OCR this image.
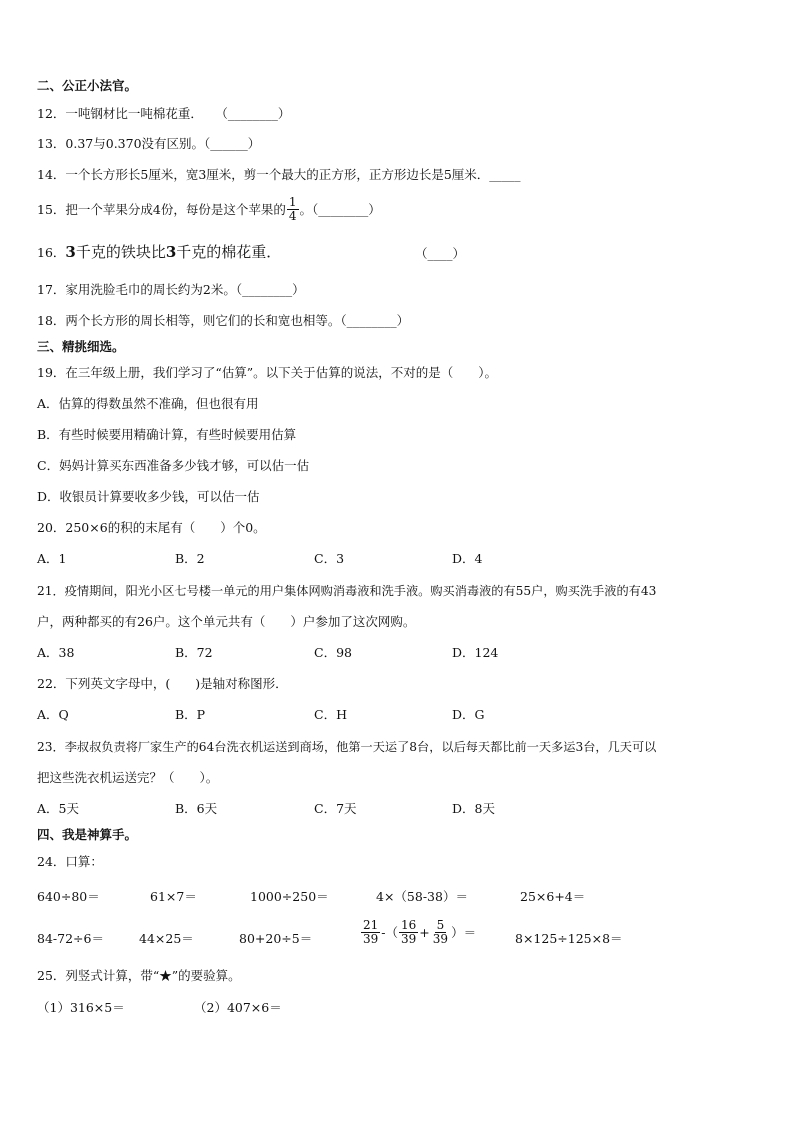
二、公正小法官。
12．一吨钢材比一吨棉花重．　　（________）
13．0.37与0.370没有区别。（______）
14．一个长方形长5厘米，宽3厘米，剪一个最大的正方形，正方形边长是5厘米．_____
15．把一个苹果分成4份，每份是这个苹果的 $\frac{1}{4}$ 。（________）
16．3千克的铁块比3千克的棉花重．	（____）
17．家用洗脸毛巾的周长约为2米。（________）
18．两个长方形的周长相等，则它们的长和宽也相等。（________）
三、精挑细选。
19．在三年级上册，我们学习了“估算”。以下关于估算的说法，不对的是（　　）。
A．估算的得数虽然不准确，但也很有用
B．有些时候要用精确计算，有些时候要用估算
C．妈妈计算买东西准备多少钱才够，可以估一估
D．收银员计算要收多少钱，可以估一估
20．250×6的积的末尾有（　　）个0。
A．1	B．2	C．3	D．4
21．疫情期间，阳光小区七号楼一单元的用户集体网购消毒液和洗手液。购买消毒液的有55户，购买洗手液的有43
户，两种都买的有26户。这个单元共有（　　）户参加了这次网购。
A．38	B．72	C．98	D．124
22．下列英文字母中，(　　)是轴对称图形．
A．Q	B．P	C．H	D．G
23．李叔叔负责将厂家生产的64台洗衣机运送到商场，他第一天运了8台，以后每天都比前一天多运3台，几天可以
把这些洗衣机运送完？（　　）。
A．5天	B．6天	C．7天	D．8天
四、我是神算手。
24．口算：
640÷80＝	61×7＝	1000÷250＝	4×（58-38）＝	25×6+4＝
84-72÷6＝	44×25＝	80+20÷5＝	$\frac{21}{39}$ -（ $\frac{16}{39} + \frac{5}{39}$ ）＝	8×125÷125×8＝
25．列竖式计算，带“★”的要验算。
（1）316×5＝	（2）407×6＝
